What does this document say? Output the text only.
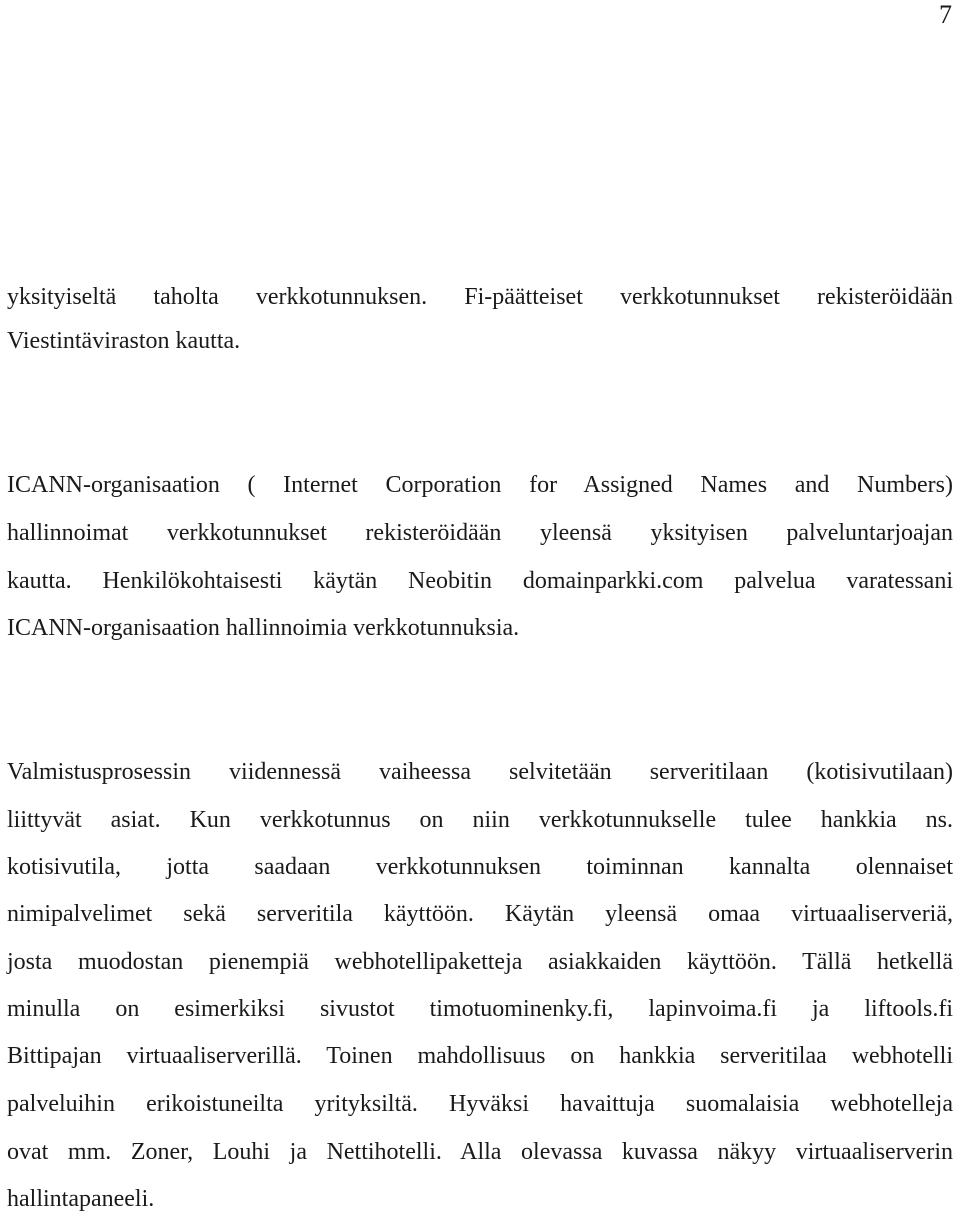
7
yksityiseltä taholta verkkotunnuksen. Fi-päätteiset verkkotunnukset rekisteröidään
Viestintäviraston kautta.
ICANN-organisaation ( Internet Corporation for Assigned Names and Numbers)
hallinnoimat verkkotunnukset rekisteröidään yleensä yksityisen palveluntarjoajan
kautta. Henkilökohtaisesti käytän Neobitin domainparkki.com palvelua varatessani
ICANN-organisaation hallinnoimia verkkotunnuksia.
Valmistusprosessin viidennessä vaiheessa selvitetään serveritilaan (kotisivutilaan)
liittyvät asiat. Kun verkkotunnus on niin verkkotunnukselle tulee hankkia ns.
kotisivutila, jotta saadaan verkkotunnuksen toiminnan kannalta olennaiset
nimipalvelimet sekä serveritila käyttöön. Käytän yleensä omaa virtuaaliserveriä,
josta muodostan pienempiä webhotellipaketteja asiakkaiden käyttöön. Tällä hetkellä
minulla on esimerkiksi sivustot timotuominenky.fi, lapinvoima.fi ja liftools.fi
Bittipajan virtuaaliserverillä. Toinen mahdollisuus on hankkia serveritilaa webhotelli
palveluihin erikoistuneilta yrityksiltä. Hyväksi havaittuja suomalaisia webhotelleja
ovat mm. Zoner, Louhi ja Nettihotelli. Alla olevassa kuvassa näkyy virtuaaliserverin
hallintapaneeli.
